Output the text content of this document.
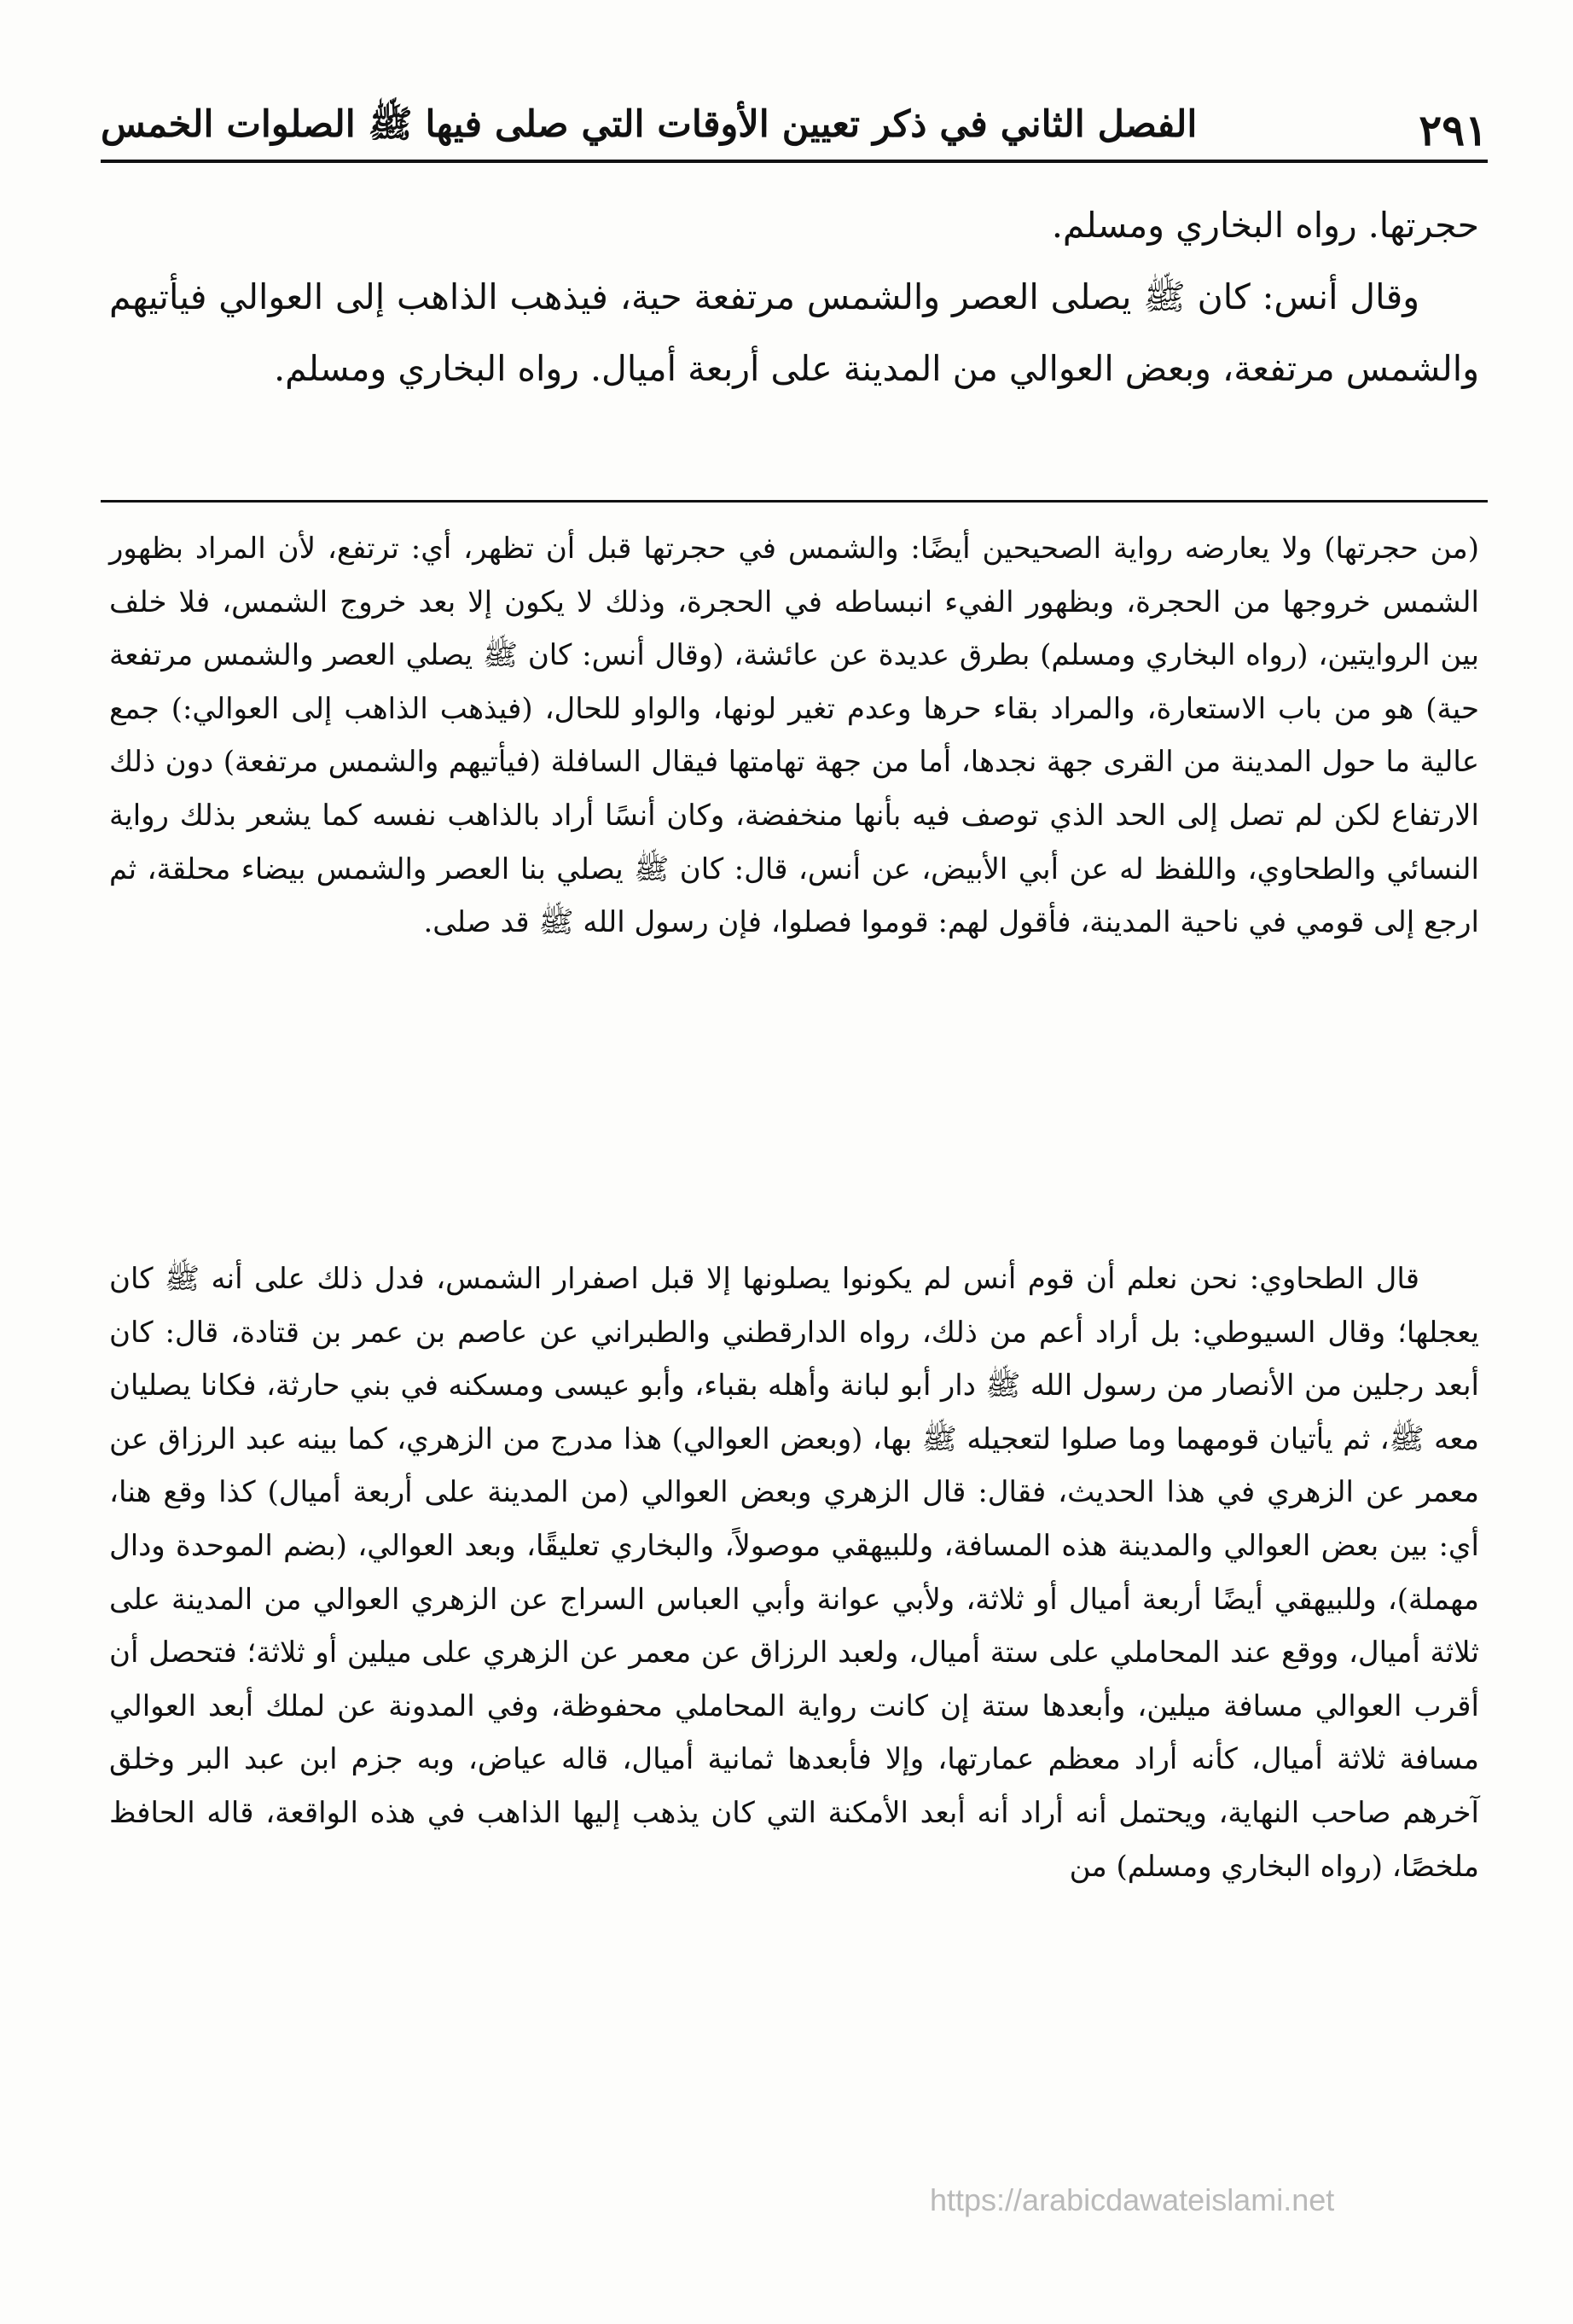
الفصل الثاني في ذكر تعيين الأوقات التي صلى فيها ﷺ الصلوات الخمس	٢٩١

حجرتها. رواه البخاري ومسلم.

وقال أنس: كان ﷺ يصلى العصر والشمس مرتفعة حية، فيذهب الذاهب إلى العوالي فيأتيهم والشمس مرتفعة، وبعض العوالي من المدينة على أربعة أميال. رواه البخاري ومسلم.

(من حجرتها) ولا يعارضه رواية الصحيحين أيضًا: والشمس في حجرتها قبل أن تظهر، أي: ترتفع، لأن المراد بظهور الشمس خروجها من الحجرة، وبظهور الفيء انبساطه في الحجرة، وذلك لا يكون إلا بعد خروج الشمس، فلا خلف بين الروايتين، (رواه البخاري ومسلم) بطرق عديدة عن عائشة، (وقال أنس: كان ﷺ يصلي العصر والشمس مرتفعة حية) هو من باب الاستعارة، والمراد بقاء حرها وعدم تغير لونها، والواو للحال، (فيذهب الذاهب إلى العوالي:) جمع عالية ما حول المدينة من القرى جهة نجدها، أما من جهة تهامتها فيقال السافلة (فيأتيهم والشمس مرتفعة) دون ذلك الارتفاع لكن لم تصل إلى الحد الذي توصف فيه بأنها منخفضة، وكان أنسًا أراد بالذاهب نفسه كما يشعر بذلك رواية النسائي والطحاوي، واللفظ له عن أبي الأبيض، عن أنس، قال: كان ﷺ يصلي بنا العصر والشمس بيضاء محلقة، ثم ارجع إلى قومي في ناحية المدينة، فأقول لهم: قوموا فصلوا، فإن رسول الله ﷺ قد صلى.

قال الطحاوي: نحن نعلم أن قوم أنس لم يكونوا يصلونها إلا قبل اصفرار الشمس، فدل ذلك على أنه ﷺ كان يعجلها؛ وقال السيوطي: بل أراد أعم من ذلك، رواه الدارقطني والطبراني عن عاصم بن عمر بن قتادة، قال: كان أبعد رجلين من الأنصار من رسول الله ﷺ دار أبو لبانة وأهله بقباء، وأبو عيسى ومسكنه في بني حارثة، فكانا يصليان معه ﷺ، ثم يأتيان قومهما وما صلوا لتعجيله ﷺ بها، (وبعض العوالي) هذا مدرج من الزهري، كما بينه عبد الرزاق عن معمر عن الزهري في هذا الحديث، فقال: قال الزهري وبعض العوالي (من المدينة على أربعة أميال) كذا وقع هنا، أي: بين بعض العوالي والمدينة هذه المسافة، وللبيهقي موصولاً، والبخاري تعليقًا، وبعد العوالي، (بضم الموحدة ودال مهملة)، وللبيهقي أيضًا أربعة أميال أو ثلاثة، ولأبي عوانة وأبي العباس السراج عن الزهري العوالي من المدينة على ثلاثة أميال، ووقع عند المحاملي على ستة أميال، ولعبد الرزاق عن معمر عن الزهري على ميلين أو ثلاثة؛ فتحصل أن أقرب العوالي مسافة ميلين، وأبعدها ستة إن كانت رواية المحاملي محفوظة، وفي المدونة عن لملك أبعد العوالي مسافة ثلاثة أميال، كأنه أراد معظم عمارتها، وإلا فأبعدها ثمانية أميال، قاله عياض، وبه جزم ابن عبد البر وخلق آخرهم صاحب النهاية، ويحتمل أنه أراد أنه أبعد الأمكنة التي كان يذهب إليها الذاهب في هذه الواقعة، قاله الحافظ ملخصًا، (رواه البخاري ومسلم) من

https://arabicdawateislami.net
